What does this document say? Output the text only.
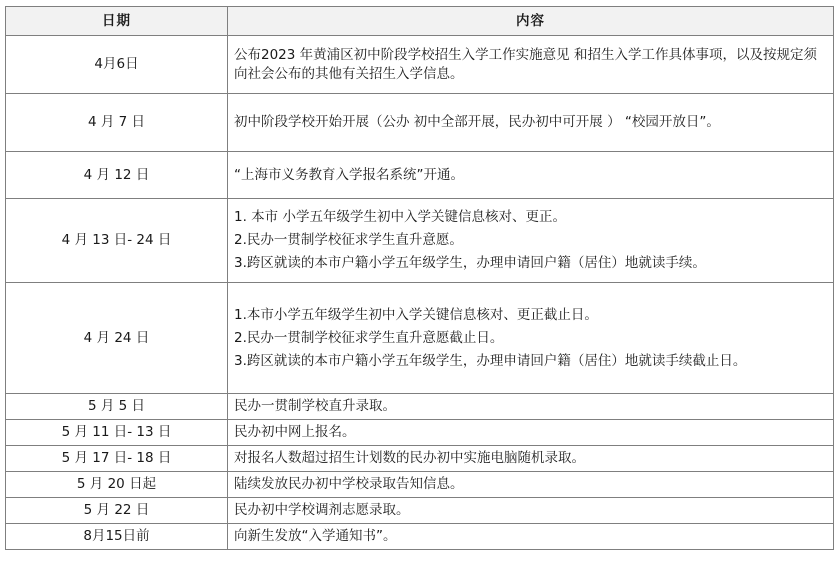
日期	内容
4月6日	公布2023 年黄浦区初中阶段学校招生入学工作实施意见 和招生入学工作具体事项，以及按规定须向社会公布的其他有关招生入学信息。

4 月 7 日	初中阶段学校开始开展（公办 初中全部开展，民办初中可开展 ） “校园开放日”。

4 月 12 日	“上海市义务教育入学报名系统”开通。

4 月 13 日- 24 日	1. 本市 小学五年级学生初中入学关键信息核对、更正。
2.民办一贯制学校征求学生直升意愿。
3.跨区就读的本市户籍小学五年级学生，办理申请回户籍（居住）地就读手续。

4 月 24 日	1.本市小学五年级学生初中入学关键信息核对、更正截止日。
2.民办一贯制学校征求学生直升意愿截止日。
3.跨区就读的本市户籍小学五年级学生，办理申请回户籍（居住）地就读手续截止日。

5 月 5 日	民办一贯制学校直升录取。

5 月 11 日- 13 日	民办初中网上报名。

5 月 17 日- 18 日	对报名人数超过招生计划数的民办初中实施电脑随机录取。

5 月 20 日起	陆续发放民办初中学校录取告知信息。

5 月 22 日	民办初中学校调剂志愿录取。

8月15日前	向新生发放“入学通知书”。
